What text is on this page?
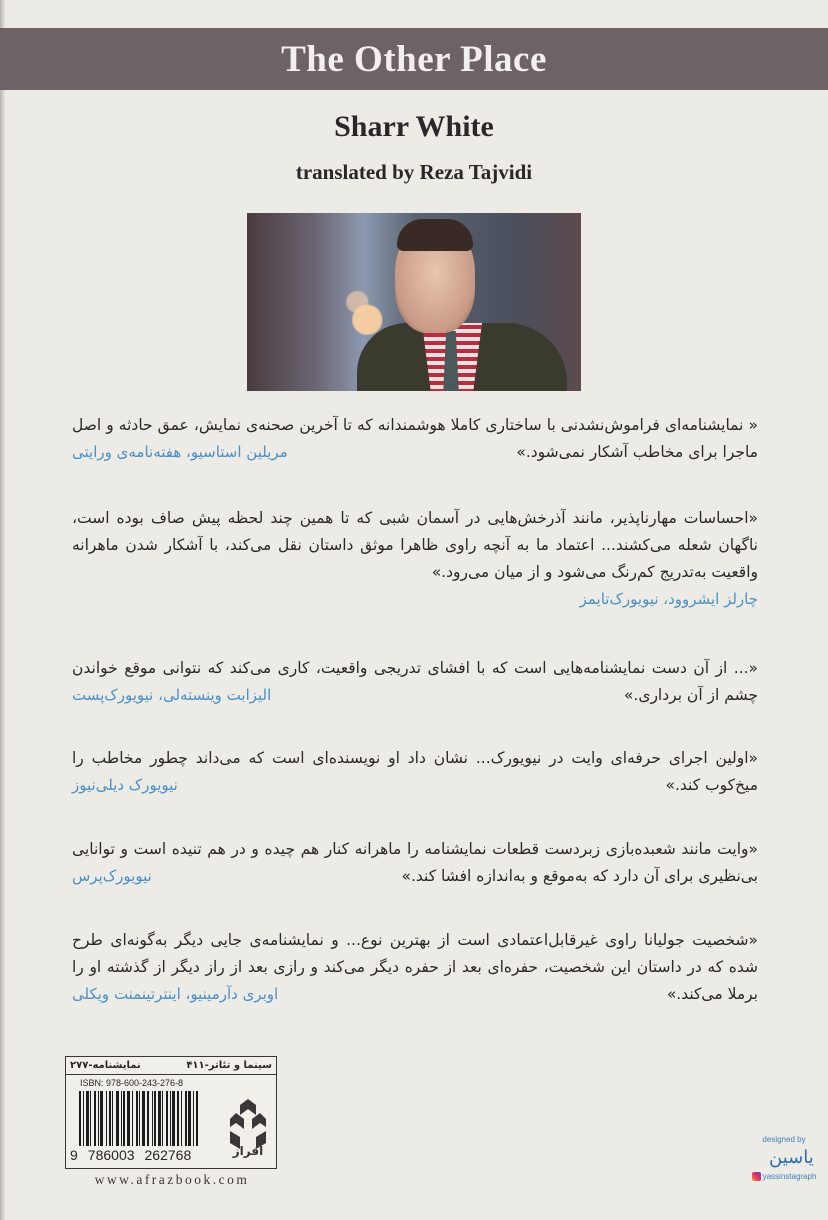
The Other Place
Sharr White
translated by Reza Tajvidi
« نمایشنامه‌ای فراموش‌نشدنی با ساختاری کاملا هوشمندانه که تا آخرین صحنه‌ی نمایش، عمق حادثه و اصل ماجرا برای مخاطب آشکار نمی‌شود.»
مریلین استاسیو، هفته‌نامه‌ی ورایتی
«احساسات مهارناپذیر، مانند آذرخش‌هایی در آسمان شبی که تا همین چند لحظه پیش صاف بوده است، ناگهان شعله می‌کشند... اعتماد ما به آنچه راوی ظاهرا موثق داستان نقل می‌کند، با آشکار شدن ماهرانه واقعیت به‌تدریج کم‌رنگ می‌شود و از میان می‌رود.»
چارلز ایشروود، نیویورک‌تایمز
«... از آن دست نمایشنامه‌هایی است که با افشای تدریجی واقعیت، کاری می‌کند که نتوانی موقع خواندن چشم از آن برداری.»
الیزابت وینسته‌لی، نیویورک‌پست
«اولین اجرای حرفه‌ای وایت در نیویورک... نشان داد او نویسنده‌ای است که می‌داند چطور مخاطب را میخ‌کوب کند.»
نیویورک دیلی‌نیوز
«وایت مانند شعبده‌بازی زبردست قطعات نمایشنامه را ماهرانه کنار هم چیده و در هم تنیده است و توانایی بی‌نظیری برای آن دارد که به‌موقع و به‌اندازه افشا کند.»
نیویورک‌پرس
«شخصیت جولیانا راوی غیرقابل‌اعتمادی است از بهترین نوع... و نمایشنامه‌ی جایی دیگر به‌گونه‌ای طرح شده که در داستان این شخصیت، حفره‌ای بعد از حفره دیگر می‌کند و رازی بعد از راز دیگر از گذشته او را برملا می‌کند.»
اوبری دآرمینیو، اینترتینمنت ویکلی
سینما و تئاتر-۴۱۱
نمایشنامه-۲۷۷
ISBN: 978-600-243-276-8
9 786003 262768	افراز
www.afrazbook.com
designed by
یاسین
yassinstagraph
